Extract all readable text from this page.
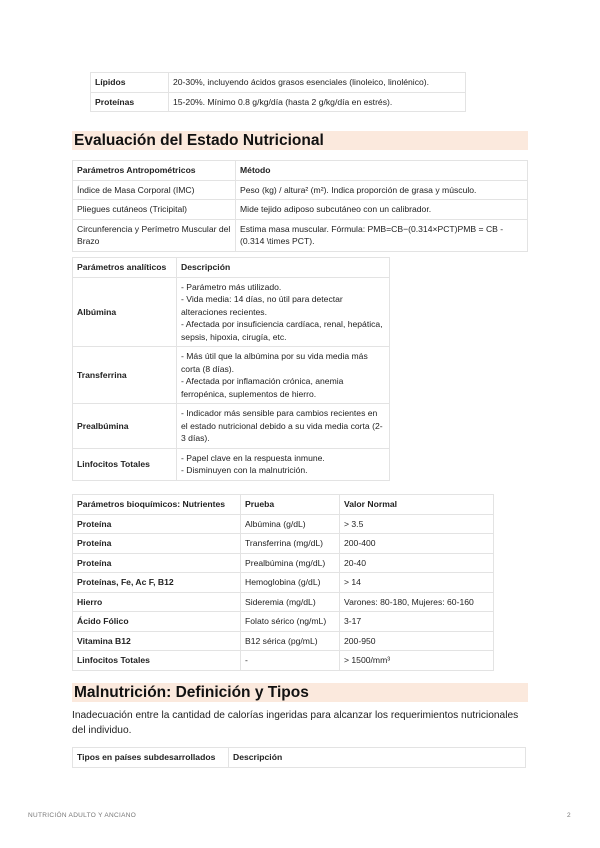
Lípidos	20-30%, incluyendo ácidos grasos esenciales (linoleico, linolénico).
Proteínas	15-20%. Mínimo 0.8 g/kg/día (hasta 2 g/kg/día en estrés).
Evaluación del Estado Nutricional
Parámetros Antropométricos	Método
Índice de Masa Corporal (IMC)	Peso (kg) / altura² (m²). Indica proporción de grasa y músculo.
Pliegues cutáneos (Tricipital)	Mide tejido adiposo subcutáneo con un calibrador.
Circunferencia y Perímetro Muscular del Brazo	Estima masa muscular. Fórmula: PMB=CB−(0.314×PCT)PMB = CB - (0.314 \times PCT).
Parámetros analíticos	Descripción
Albúmina	- Parámetro más utilizado.
- Vida media: 14 días, no útil para detectar alteraciones recientes.
- Afectada por insuficiencia cardíaca, renal, hepática, sepsis, hipoxia, cirugía, etc.
Transferrina	- Más útil que la albúmina por su vida media más corta (8 días).
- Afectada por inflamación crónica, anemia ferropénica, suplementos de hierro.
Prealbúmina	- Indicador más sensible para cambios recientes en el estado nutricional debido a su vida media corta (2-3 días).
Linfocitos Totales	- Papel clave en la respuesta inmune.
- Disminuyen con la malnutrición.
Parámetros bioquímicos: Nutrientes	Prueba	Valor Normal
Proteína	Albúmina (g/dL)	> 3.5
Proteína	Transferrina (mg/dL)	200-400
Proteína	Prealbúmina (mg/dL)	20-40
Proteínas, Fe, Ac F, B12	Hemoglobina (g/dL)	> 14
Hierro	Sideremia (mg/dL)	Varones: 80-180, Mujeres: 60-160
Ácido Fólico	Folato sérico (ng/mL)	3-17
Vitamina B12	B12 sérica (pg/mL)	200-950
Linfocitos Totales	-	> 1500/mm³
Malnutrición: Definición y Tipos
Inadecuación entre la cantidad de calorías ingeridas para alcanzar los requerimientos nutricionales del individuo.
Tipos en países subdesarrollados	Descripción
NUTRICIÓN ADULTO Y ANCIANO	2
